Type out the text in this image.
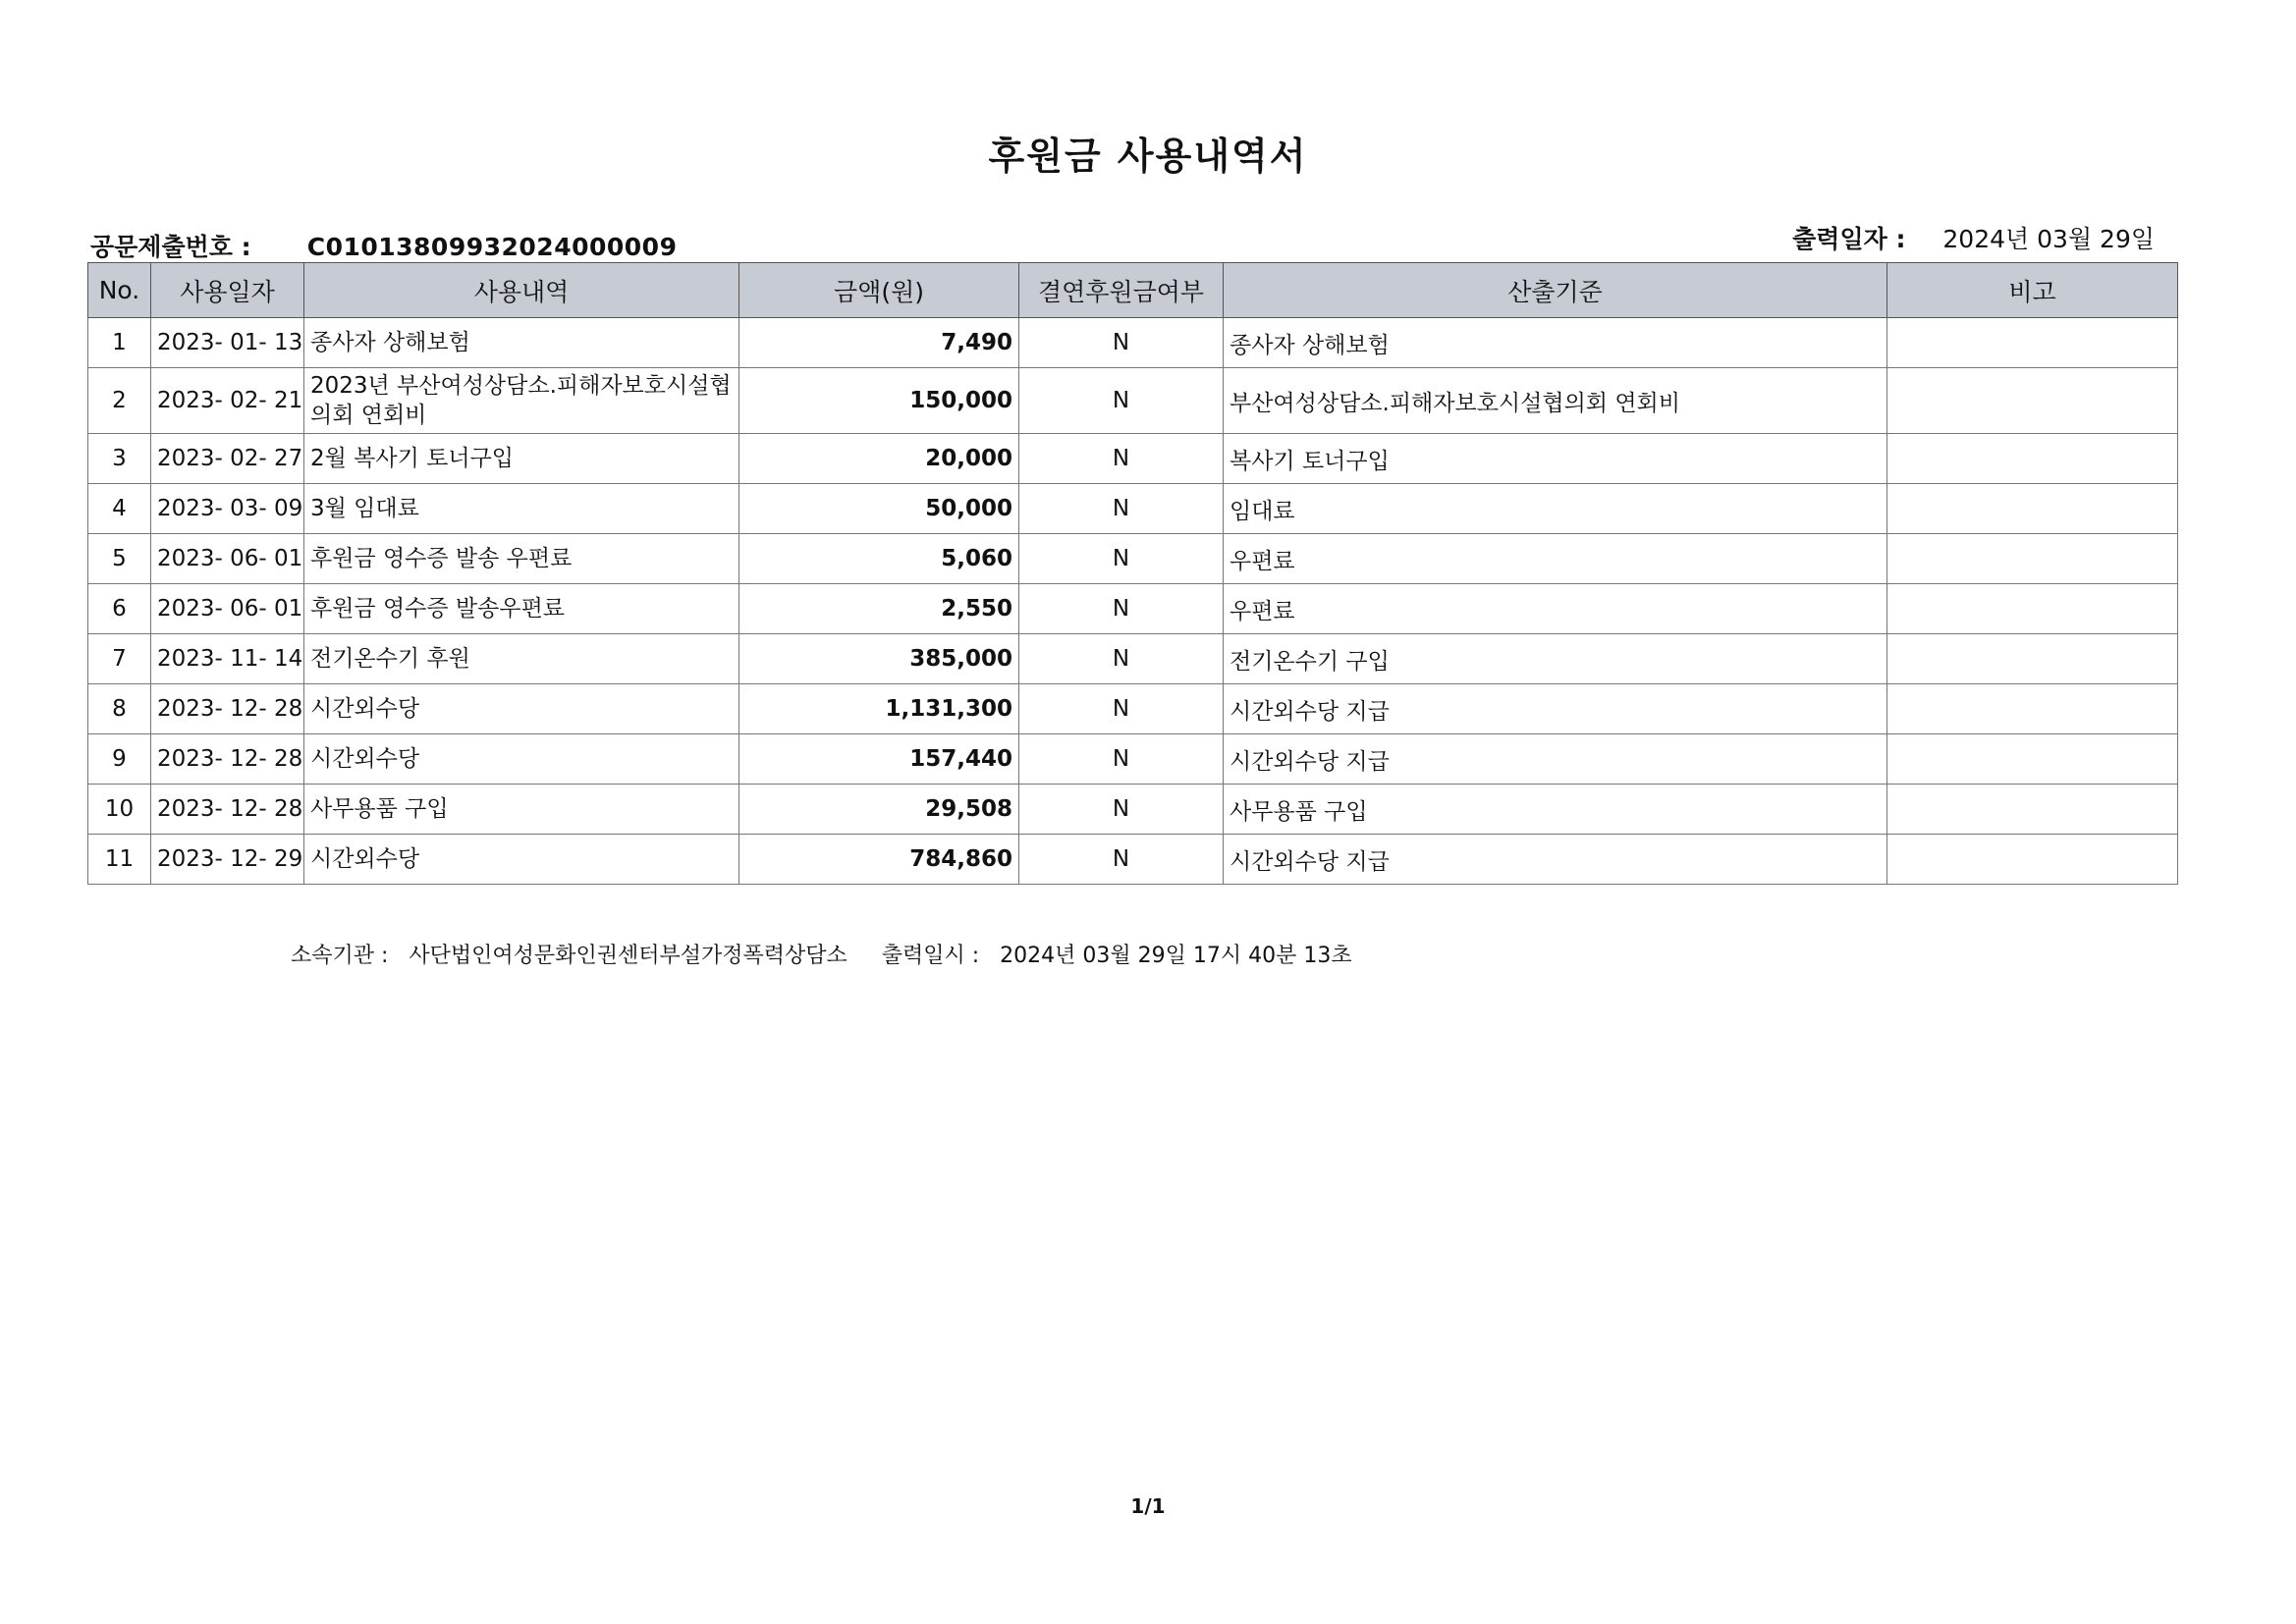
후원금 사용내역서
공문제출번호 : C01013809932024000009	출력일자 : 2024년 03월 29일
No.	사용일자	사용내역	금액(원)	결연후원금여부	산출기준	비고
1	2023- 01- 13	종사자 상해보험	7,490	N	종사자 상해보험	
2	2023- 02- 21	2023년 부산여성상담소.피해자보호시설협의회 연회비	150,000	N	부산여성상담소.피해자보호시설협의회 연회비	
3	2023- 02- 27	2월 복사기 토너구입	20,000	N	복사기 토너구입	
4	2023- 03- 09	3월 임대료	50,000	N	임대료	
5	2023- 06- 01	후원금 영수증 발송 우편료	5,060	N	우편료	
6	2023- 06- 01	후원금 영수증 발송우편료	2,550	N	우편료	
7	2023- 11- 14	전기온수기 후원	385,000	N	전기온수기 구입	
8	2023- 12- 28	시간외수당	1,131,300	N	시간외수당 지급	
9	2023- 12- 28	시간외수당	157,440	N	시간외수당 지급	
10	2023- 12- 28	사무용품 구입	29,508	N	사무용품 구입	
11	2023- 12- 29	시간외수당	784,860	N	시간외수당 지급	
소속기관 : 사단법인여성문화인권센터부설가정폭력상담소 출력일시 : 2024년 03월 29일 17시 40분 13초
1/1
